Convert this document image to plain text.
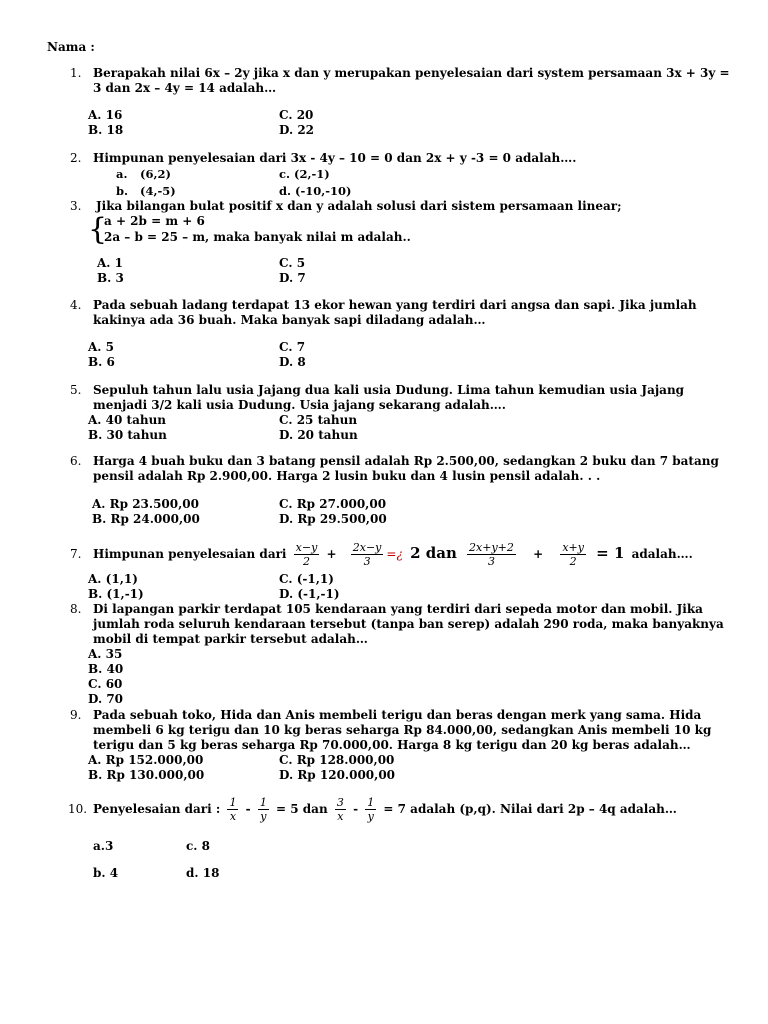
Nama :
1. Berapakah nilai 6x – 2y jika x dan y merupakan penyelesaian dari system persamaan 3x + 3y =
3 dan 2x – 4y = 14 adalah…
A. 16
B. 18
C. 20
D. 22
2. Himpunan penyelesaian dari 3x - 4y – 10 = 0 dan 2x + y -3 = 0 adalah….
a. (6,2)
b. (4,-5)
c. (2,-1)
d. (-10,-10)
3. Jika bilangan bulat positif x dan y adalah solusi dari sistem persamaan linear;
{
a + 2b = m + 6
2a – b = 25 – m, maka banyak nilai m adalah..
A. 1
B. 3
C. 5
D. 7
4. Pada sebuah ladang terdapat 13 ekor hewan yang terdiri dari angsa dan sapi. Jika jumlah
kakinya ada 36 buah. Maka banyak sapi diladang adalah…
A. 5
B. 6
C. 7
D. 8
5. Sepuluh tahun lalu usia Jajang dua kali usia Dudung. Lima tahun kemudian usia Jajang
menjadi 3/2 kali usia Dudung. Usia jajang sekarang adalah….
A. 40 tahun
B. 30 tahun
C. 25 tahun
D. 20 tahun
6. Harga 4 buah buku dan 3 batang pensil adalah Rp 2.500,00, sedangkan 2 buku dan 7 batang
pensil adalah Rp 2.900,00. Harga 2 lusin buku dan 4 lusin pensil adalah. . .
A. Rp 23.500,00
B. Rp 24.000,00
C. Rp 27.000,00
D. Rp 29.500,00
7. Himpunan penyelesaian dari $\frac{x-y}{2} + \frac{2x-y}{3}$ =¿ 2 dan $\frac{2x+y+2}{3} + \frac{x+y}{2} = 1$ adalah….
A. (1,1)
B. (1,-1)
C. (-1,1)
D. (-1,-1)
8. Di lapangan parkir terdapat 105 kendaraan yang terdiri dari sepeda motor dan mobil. Jika
jumlah roda seluruh kendaraan tersebut (tanpa ban serep) adalah 290 roda, maka banyaknya
mobil di tempat parkir tersebut adalah…
A. 35
B. 40
C. 60
D. 70
9. Pada sebuah toko, Hida dan Anis membeli terigu dan beras dengan merk yang sama. Hida
membeli 6 kg terigu dan 10 kg beras seharga Rp 84.000,00, sedangkan Anis membeli 10 kg
terigu dan 5 kg beras seharga Rp 70.000,00. Harga 8 kg terigu dan 20 kg beras adalah…
A. Rp 152.000,00
B. Rp 130.000,00
C. Rp 128.000,00
D. Rp 120.000,00
10. Penyelesaian dari : $\frac{1}{x} - \frac{1}{y} = 5$ dan $\frac{3}{x} - \frac{1}{y} = 7$ adalah (p,q). Nilai dari 2p – 4q adalah…
a.3
b. 4
c. 8
d. 18
